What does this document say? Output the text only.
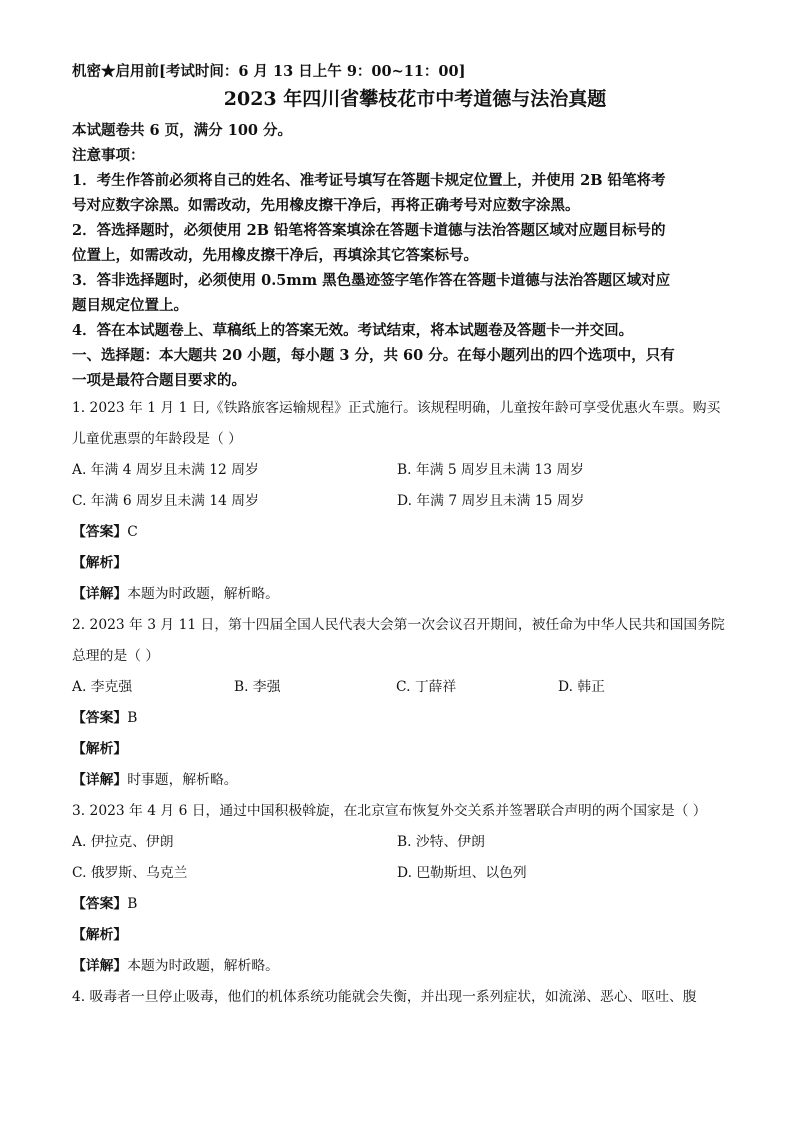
机密★启用前[考试时间：6 月 13 日上午 9：00~11：00]
2023 年四川省攀枝花市中考道德与法治真题
本试题卷共 6 页，满分 100 分。
注意事项：
1．考生作答前必须将自己的姓名、准考证号填写在答题卡规定位置上，并使用 2B 铅笔将考
号对应数字涂黑。如需改动，先用橡皮擦干净后，再将正确考号对应数字涂黑。
2．答选择题时，必须使用 2B 铅笔将答案填涂在答题卡道德与法治答题区域对应题目标号的
位置上，如需改动，先用橡皮擦干净后，再填涂其它答案标号。
3．答非选择题时，必须使用 0.5mm 黑色墨迹签字笔作答在答题卡道德与法治答题区域对应
题目规定位置上。
4．答在本试题卷上、草稿纸上的答案无效。考试结束，将本试题卷及答题卡一并交回。
一、选择题：本大题共 20 小题，每小题 3 分，共 60 分。在每小题列出的四个选项中，只有
一项是最符合题目要求的。
1. 2023 年 1 月 1 日,《铁路旅客运输规程》正式施行。该规程明确，儿童按年龄可享受优惠火车票。购买
儿童优惠票的年龄段是（ ）
A. 年满 4 周岁且未满 12 周岁	B. 年满 5 周岁且未满 13 周岁
C. 年满 6 周岁且未满 14 周岁	D. 年满 7 周岁且未满 15 周岁
【答案】C
【解析】
【详解】本题为时政题，解析略。
2. 2023 年 3 月 11 日，第十四届全国人民代表大会第一次会议召开期间，被任命为中华人民共和国国务院
总理的是（ ）
A. 李克强	B. 李强	C. 丁薛祥	D. 韩正
【答案】B
【解析】
【详解】时事题，解析略。
3. 2023 年 4 月 6 日，通过中国积极斡旋，在北京宣布恢复外交关系并签署联合声明的两个国家是（ ）
A. 伊拉克、伊朗	B. 沙特、伊朗
C. 俄罗斯、乌克兰	D. 巴勒斯坦、以色列
【答案】B
【解析】
【详解】本题为时政题，解析略。
4. 吸毒者一旦停止吸毒，他们的机体系统功能就会失衡，并出现一系列症状，如流涕、恶心、呕吐、腹
